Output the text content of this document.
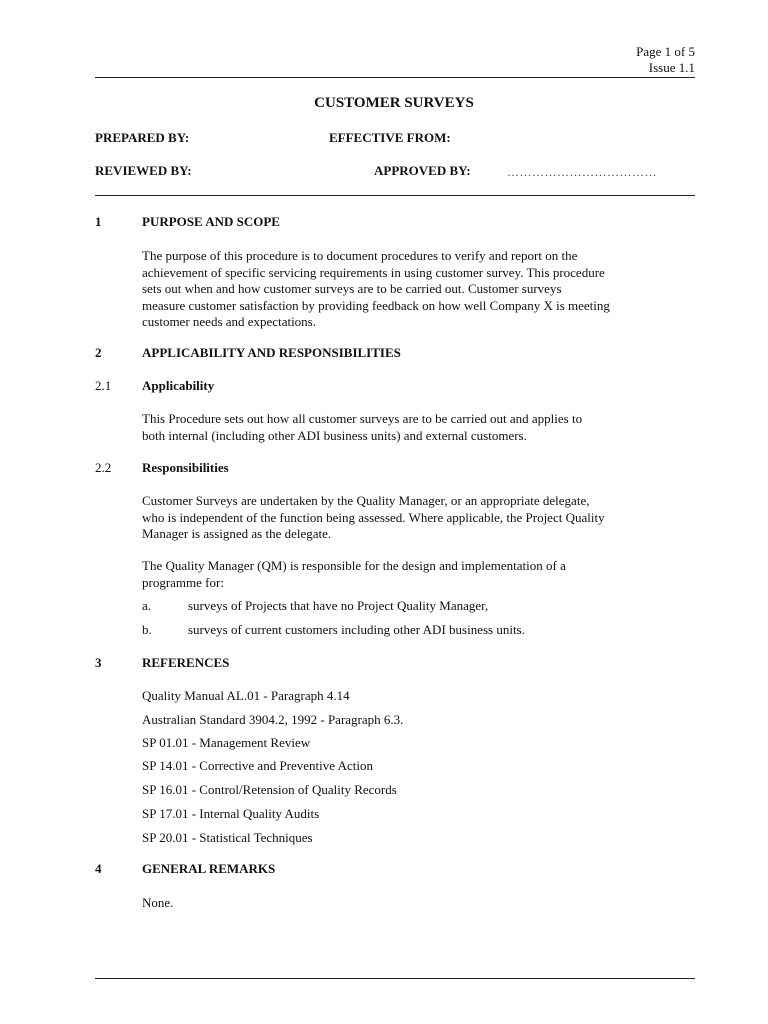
Page 1 of 5
Issue 1.1
CUSTOMER SURVEYS
PREPARED BY:	EFFECTIVE FROM:
REVIEWED BY:	APPROVED BY:	………………………………
1	PURPOSE AND SCOPE
The purpose of this procedure is to document procedures to verify and report on the
achievement of specific servicing requirements in using customer survey. This procedure
sets out when and how customer surveys are to be carried out. Customer surveys
measure customer satisfaction by providing feedback on how well Company X is meeting
customer needs and expectations.
2	APPLICABILITY AND RESPONSIBILITIES
2.1 Applicability
This Procedure sets out how all customer surveys are to be carried out and applies to
both internal (including other ADI business units) and external customers.
2.2 Responsibilities
Customer Surveys are undertaken by the Quality Manager, or an appropriate delegate,
who is independent of the function being assessed. Where applicable, the Project Quality
Manager is assigned as the delegate.
The Quality Manager (QM) is responsible for the design and implementation of a
programme for:
a.	surveys of Projects that have no Project Quality Manager,
b.	surveys of current customers including other ADI business units.
3	REFERENCES
Quality Manual AL.01 - Paragraph 4.14
Australian Standard 3904.2, 1992 - Paragraph 6.3.
SP 01.01 - Management Review
SP 14.01 - Corrective and Preventive Action
SP 16.01 - Control/Retension of Quality Records
SP 17.01 - Internal Quality Audits
SP 20.01 - Statistical Techniques
4	GENERAL REMARKS
None.
